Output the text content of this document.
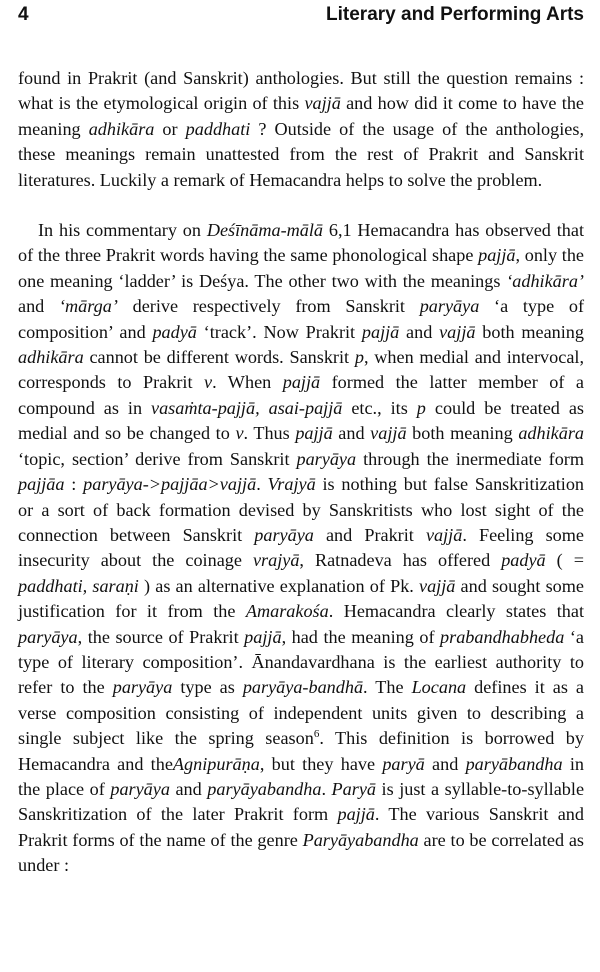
4	Literary and Performing Arts

found in Prakrit (and Sanskrit) anthologies. But still the question remains : what is the etymological origin of this vajjā and how did it come to have the meaning adhikāra or paddhati ? Outside of the usage of the anthologies, these meanings remain unattested from the rest of Prakrit and Sanskrit literatures. Luckily a remark of Hemacandra helps to solve the problem.

In his commentary on Deśīnāma-mālā 6,1 Hemacandra has observed that of the three Prakrit words having the same phonological shape pajjā, only the one meaning ‘ladder’ is Deśya. The other two with the meanings ‘adhikāra’ and ‘mārga’ derive respectively from Sanskrit paryāya ‘a type of composition’ and padyā ‘track’. Now Prakrit pajjā and vajjā both meaning adhikāra cannot be different words. Sanskrit p, when medial and intervocal, corresponds to Prakrit v. When pajjā formed the latter member of a compound as in vasaṁta-pajjā, asai-pajjā etc., its p could be treated as medial and so be changed to v. Thus pajjā and vajjā both meaning adhikāra ‘topic, section’ derive from Sanskrit paryāya through the inermediate form pajjāa : paryāya->pajjāa>vajjā. Vrajyā is nothing but false Sanskritization or a sort of back formation devised by Sanskritists who lost sight of the connection between Sanskrit paryāya and Prakrit vajjā. Feeling some insecurity about the coinage vrajyā, Ratnadeva has offered padyā ( = paddhati, saraṇi ) as an alternative explanation of Pk. vajjā and sought some justification for it from the Amarakośa. Hemacandra clearly states that paryāya, the source of Prakrit pajjā, had the meaning of prabandhabheda ‘a type of literary composition’. Ānandavardhana is the earliest authority to refer to the paryāya type as paryāya-bandhā. The Locana defines it as a verse composition consisting of independent units given to describing a single subject like the spring season$^6$. This definition is borrowed by Hemacandra and theAgnipurāṇa, but they have paryā and paryābandha in the place of paryāya and paryāyabandha. Paryā is just a syllable-to-syllable Sanskritization of the later Prakrit form pajjā. The various Sanskrit and Prakrit forms of the name of the genre Paryāyabandha are to be correlated as under :
